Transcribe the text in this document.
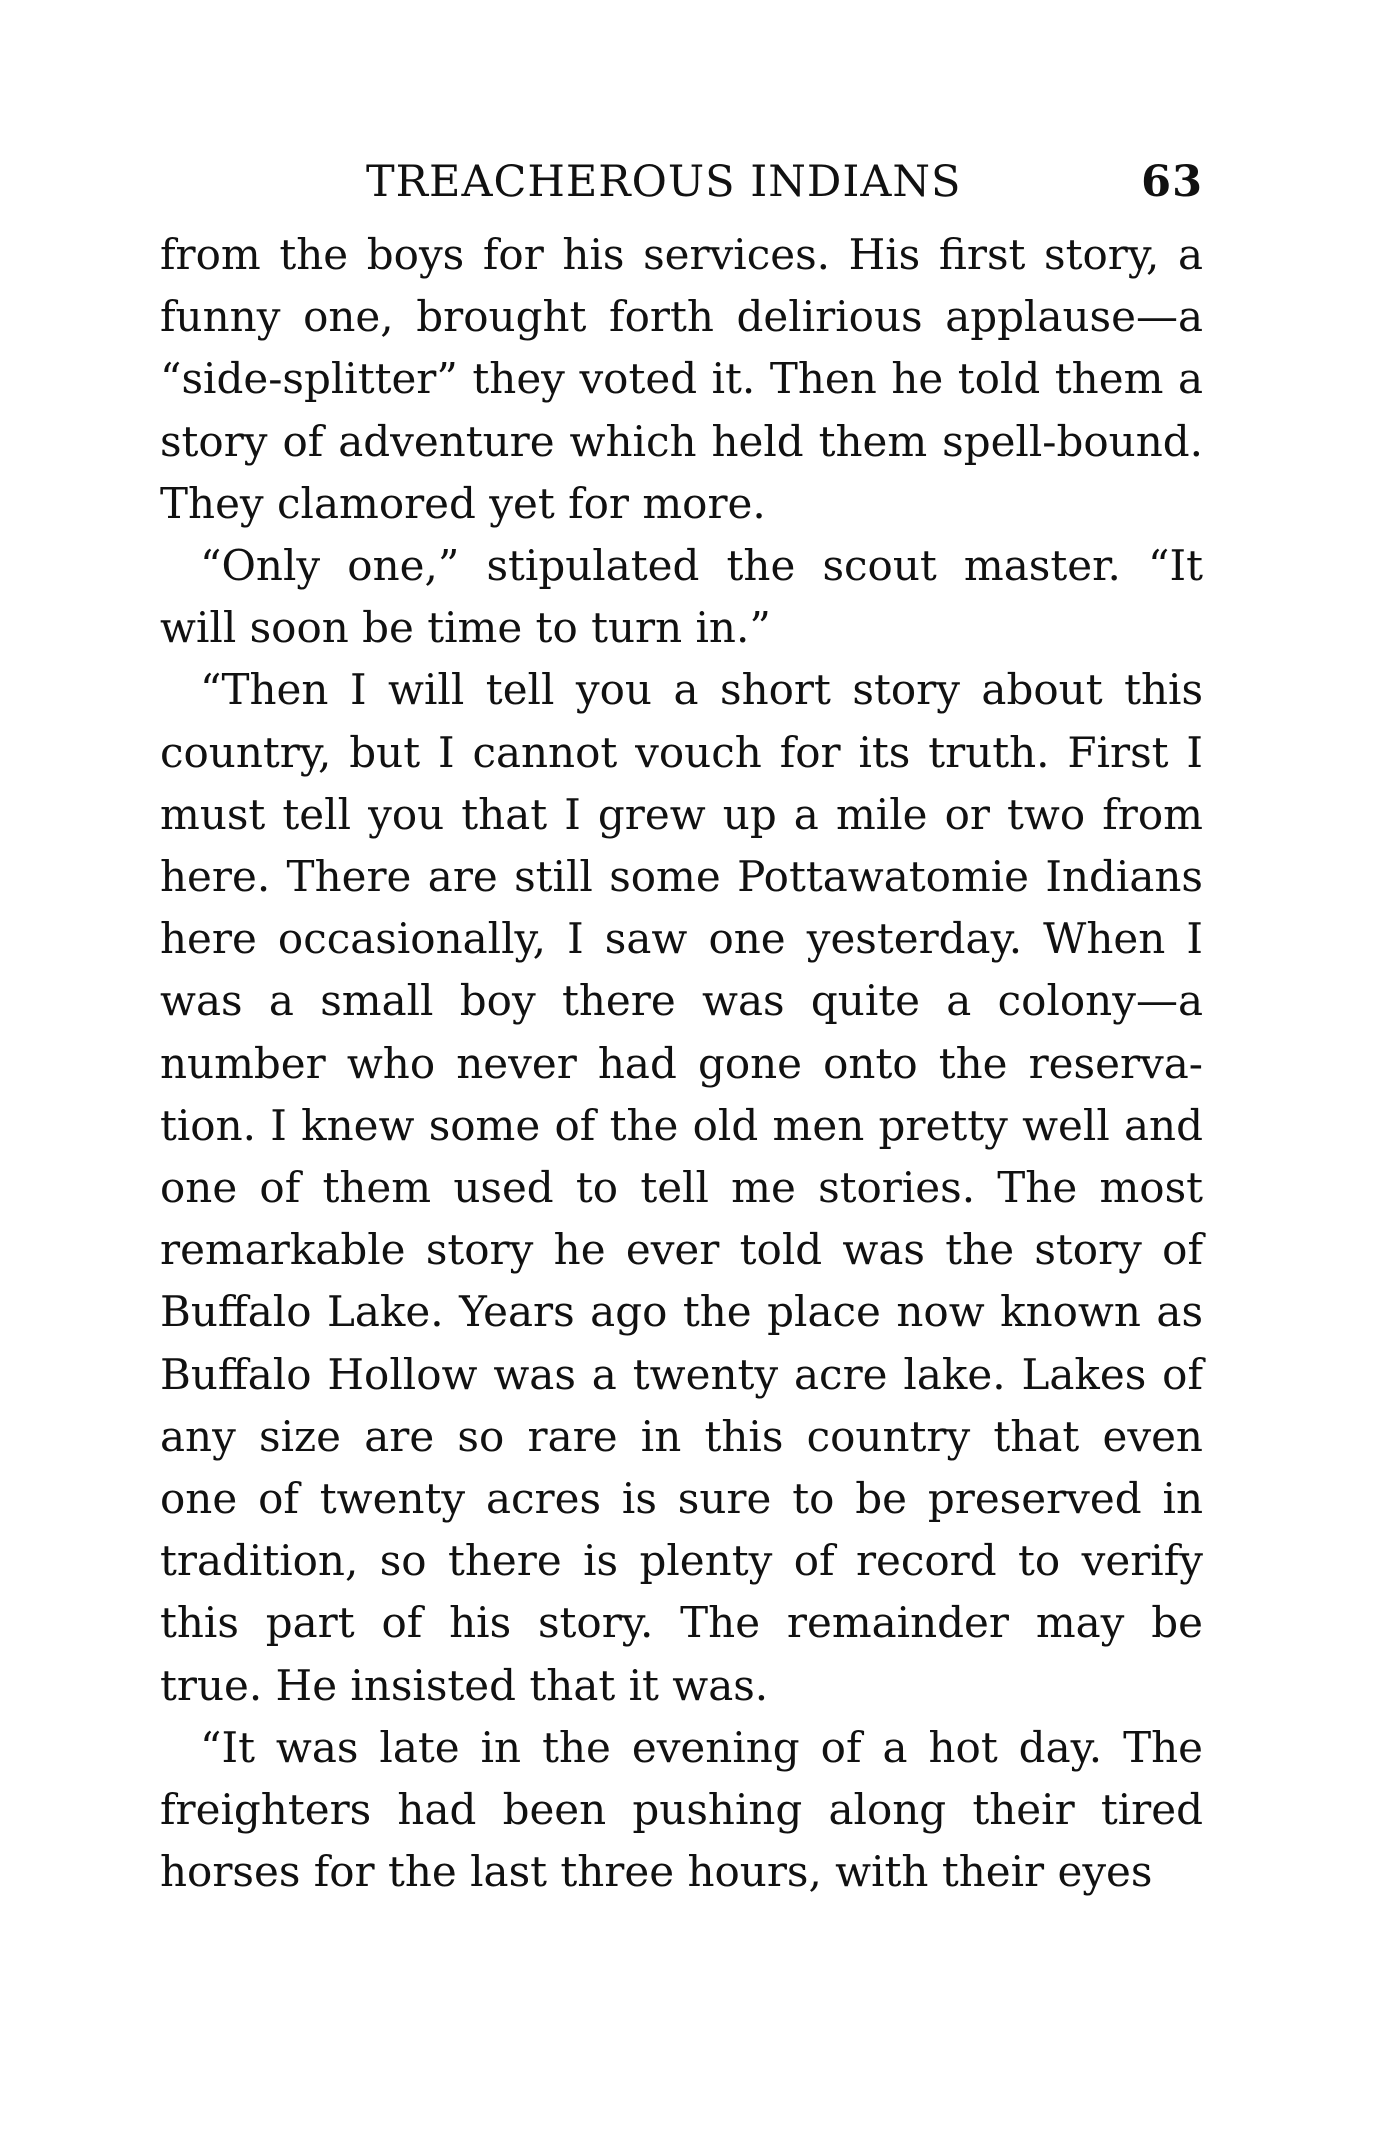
TREACHEROUS INDIANS	63

from the boys for his services. His first story, a funny one, brought forth delirious applause—a “side-splitter” they voted it. Then he told them a story of adventure which held them spell-bound. They clamored yet for more.

“Only one,” stipulated the scout master. “It will soon be time to turn in.”

“Then I will tell you a short story about this country, but I cannot vouch for its truth. First I must tell you that I grew up a mile or two from here. There are still some Pottawatomie Indians here occasionally, I saw one yesterday. When I was a small boy there was quite a colony—a number who never had gone onto the reservation. I knew some of the old men pretty well and one of them used to tell me stories. The most remarkable story he ever told was the story of Buffalo Lake. Years ago the place now known as Buffalo Hollow was a twenty acre lake. Lakes of any size are so rare in this country that even one of twenty acres is sure to be preserved in tradition, so there is plenty of record to verify this part of his story. The remainder may be true. He insisted that it was.

“It was late in the evening of a hot day. The freighters had been pushing along their tired horses for the last three hours, with their eyes
